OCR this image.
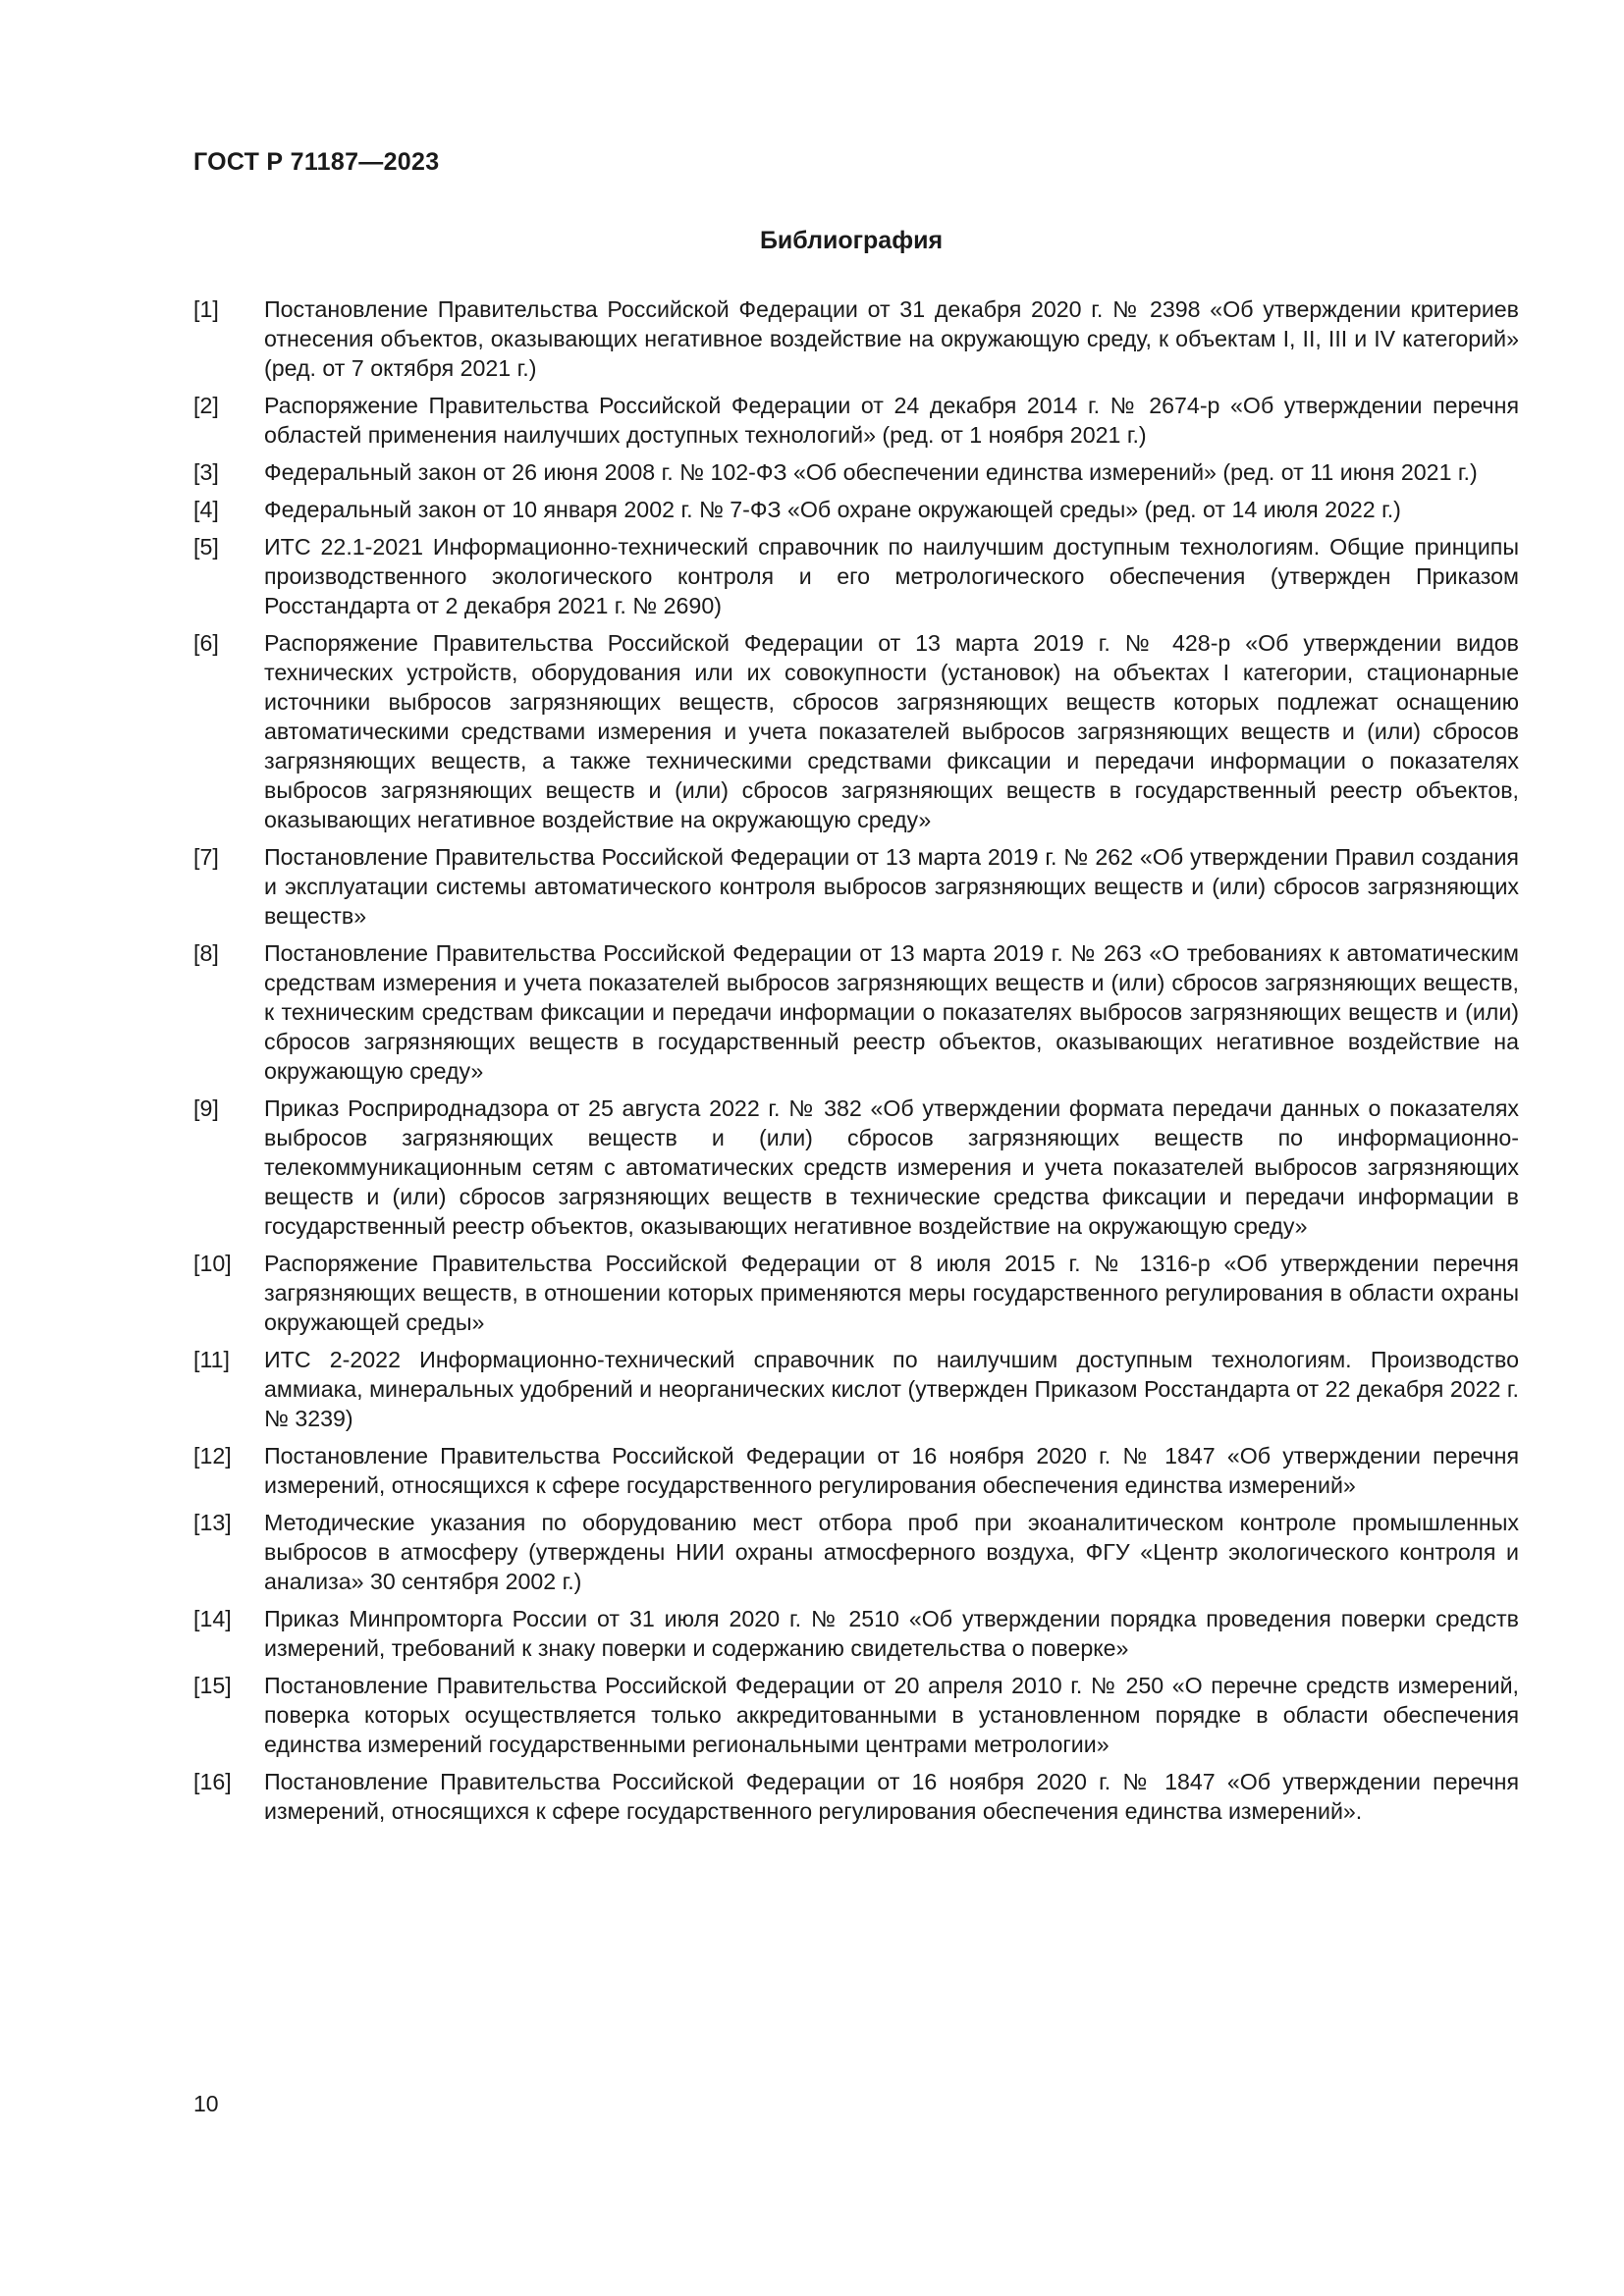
ГОСТ Р 71187—2023
Библиография
[1]	Постановление Правительства Российской Федерации от 31 декабря 2020 г. № 2398 «Об утверждении критериев отнесения объектов, оказывающих негативное воздействие на окружающую среду, к объектам I, II, III и IV категорий» (ред. от 7 октября 2021 г.)
[2]	Распоряжение Правительства Российской Федерации от 24 декабря 2014 г. № 2674-р «Об утверждении перечня областей применения наилучших доступных технологий» (ред. от 1 ноября 2021 г.)
[3]	Федеральный закон от 26 июня 2008 г. № 102-ФЗ «Об обеспечении единства измерений» (ред. от 11 июня 2021 г.)
[4]	Федеральный закон от 10 января 2002 г. № 7-ФЗ «Об охране окружающей среды» (ред. от 14 июля 2022 г.)
[5]	ИТС 22.1-2021 Информационно-технический справочник по наилучшим доступным технологиям. Общие принципы производственного экологического контроля и его метрологического обеспечения (утвержден Приказом Росстандарта от 2 декабря 2021 г. № 2690)
[6]	Распоряжение Правительства Российской Федерации от 13 марта 2019 г. № 428-р «Об утверждении видов технических устройств, оборудования или их совокупности (установок) на объектах I категории, стационарные источники выбросов загрязняющих веществ, сбросов загрязняющих веществ которых подлежат оснащению автоматическими средствами измерения и учета показателей выбросов загрязняющих веществ и (или) сбросов загрязняющих веществ, а также техническими средствами фиксации и передачи информации о показателях выбросов загрязняющих веществ и (или) сбросов загрязняющих веществ в государственный реестр объектов, оказывающих негативное воздействие на окружающую среду»
[7]	Постановление Правительства Российской Федерации от 13 марта 2019 г. № 262 «Об утверждении Правил создания и эксплуатации системы автоматического контроля выбросов загрязняющих веществ и (или) сбросов загрязняющих веществ»
[8]	Постановление Правительства Российской Федерации от 13 марта 2019 г. № 263 «О требованиях к автоматическим средствам измерения и учета показателей выбросов загрязняющих веществ и (или) сбросов загрязняющих веществ, к техническим средствам фиксации и передачи информации о показателях выбросов загрязняющих веществ и (или) сбросов загрязняющих веществ в государственный реестр объектов, оказывающих негативное воздействие на окружающую среду»
[9]	Приказ Росприроднадзора от 25 августа 2022 г. № 382 «Об утверждении формата передачи данных о показателях выбросов загрязняющих веществ и (или) сбросов загрязняющих веществ по информационно-телекоммуникационным сетям с автоматических средств измерения и учета показателей выбросов загрязняющих веществ и (или) сбросов загрязняющих веществ в технические средства фиксации и передачи информации в государственный реестр объектов, оказывающих негативное воздействие на окружающую среду»
[10]	Распоряжение Правительства Российской Федерации от 8 июля 2015 г. № 1316-р «Об утверждении перечня загрязняющих веществ, в отношении которых применяются меры государственного регулирования в области охраны окружающей среды»
[11]	ИТС 2-2022 Информационно-технический справочник по наилучшим доступным технологиям. Производство аммиака, минеральных удобрений и неорганических кислот (утвержден Приказом Росстандарта от 22 декабря 2022 г. № 3239)
[12]	Постановление Правительства Российской Федерации от 16 ноября 2020 г. № 1847 «Об утверждении перечня измерений, относящихся к сфере государственного регулирования обеспечения единства измерений»
[13]	Методические указания по оборудованию мест отбора проб при экоаналитическом контроле промышленных выбросов в атмосферу (утверждены НИИ охраны атмосферного воздуха, ФГУ «Центр экологического контроля и анализа» 30 сентября 2002 г.)
[14]	Приказ Минпромторга России от 31 июля 2020 г. № 2510 «Об утверждении порядка проведения поверки средств измерений, требований к знаку поверки и содержанию свидетельства о поверке»
[15]	Постановление Правительства Российской Федерации от 20 апреля 2010 г. № 250 «О перечне средств измерений, поверка которых осуществляется только аккредитованными в установленном порядке в области обеспечения единства измерений государственными региональными центрами метрологии»
[16]	Постановление Правительства Российской Федерации от 16 ноября 2020 г. № 1847 «Об утверждении перечня измерений, относящихся к сфере государственного регулирования обеспечения единства измерений».
10
